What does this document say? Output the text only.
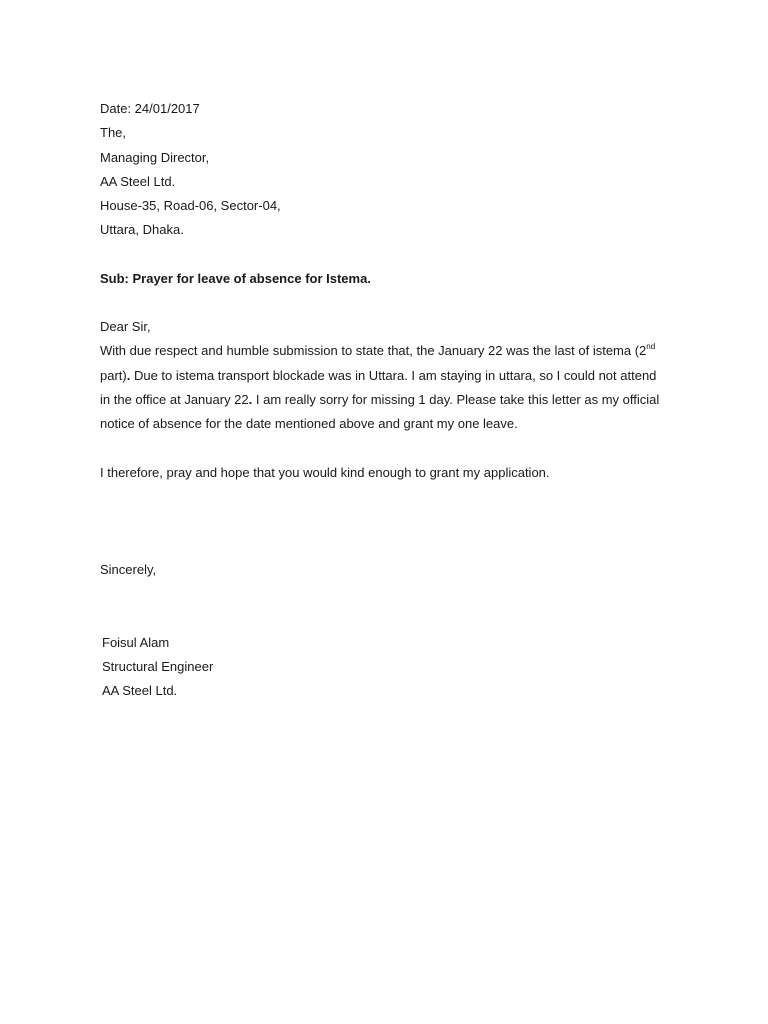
Date: 24/01/2017
The,
Managing Director,
AA Steel Ltd.
House-35, Road-06, Sector-04,
Uttara, Dhaka.
Sub: Prayer for leave of absence for Istema.
Dear Sir,
With due respect and humble submission to state that, the January 22 was the last of istema (2nd
part). Due to istema transport blockade was in Uttara. I am staying in uttara, so I could not attend
in the office at January 22. I am really sorry for missing 1 day. Please take this letter as my official
notice of absence for the date mentioned above and grant my one leave.
I therefore, pray and hope that you would kind enough to grant my application.
Sincerely,
Foisul Alam
Structural Engineer
AA Steel Ltd.
